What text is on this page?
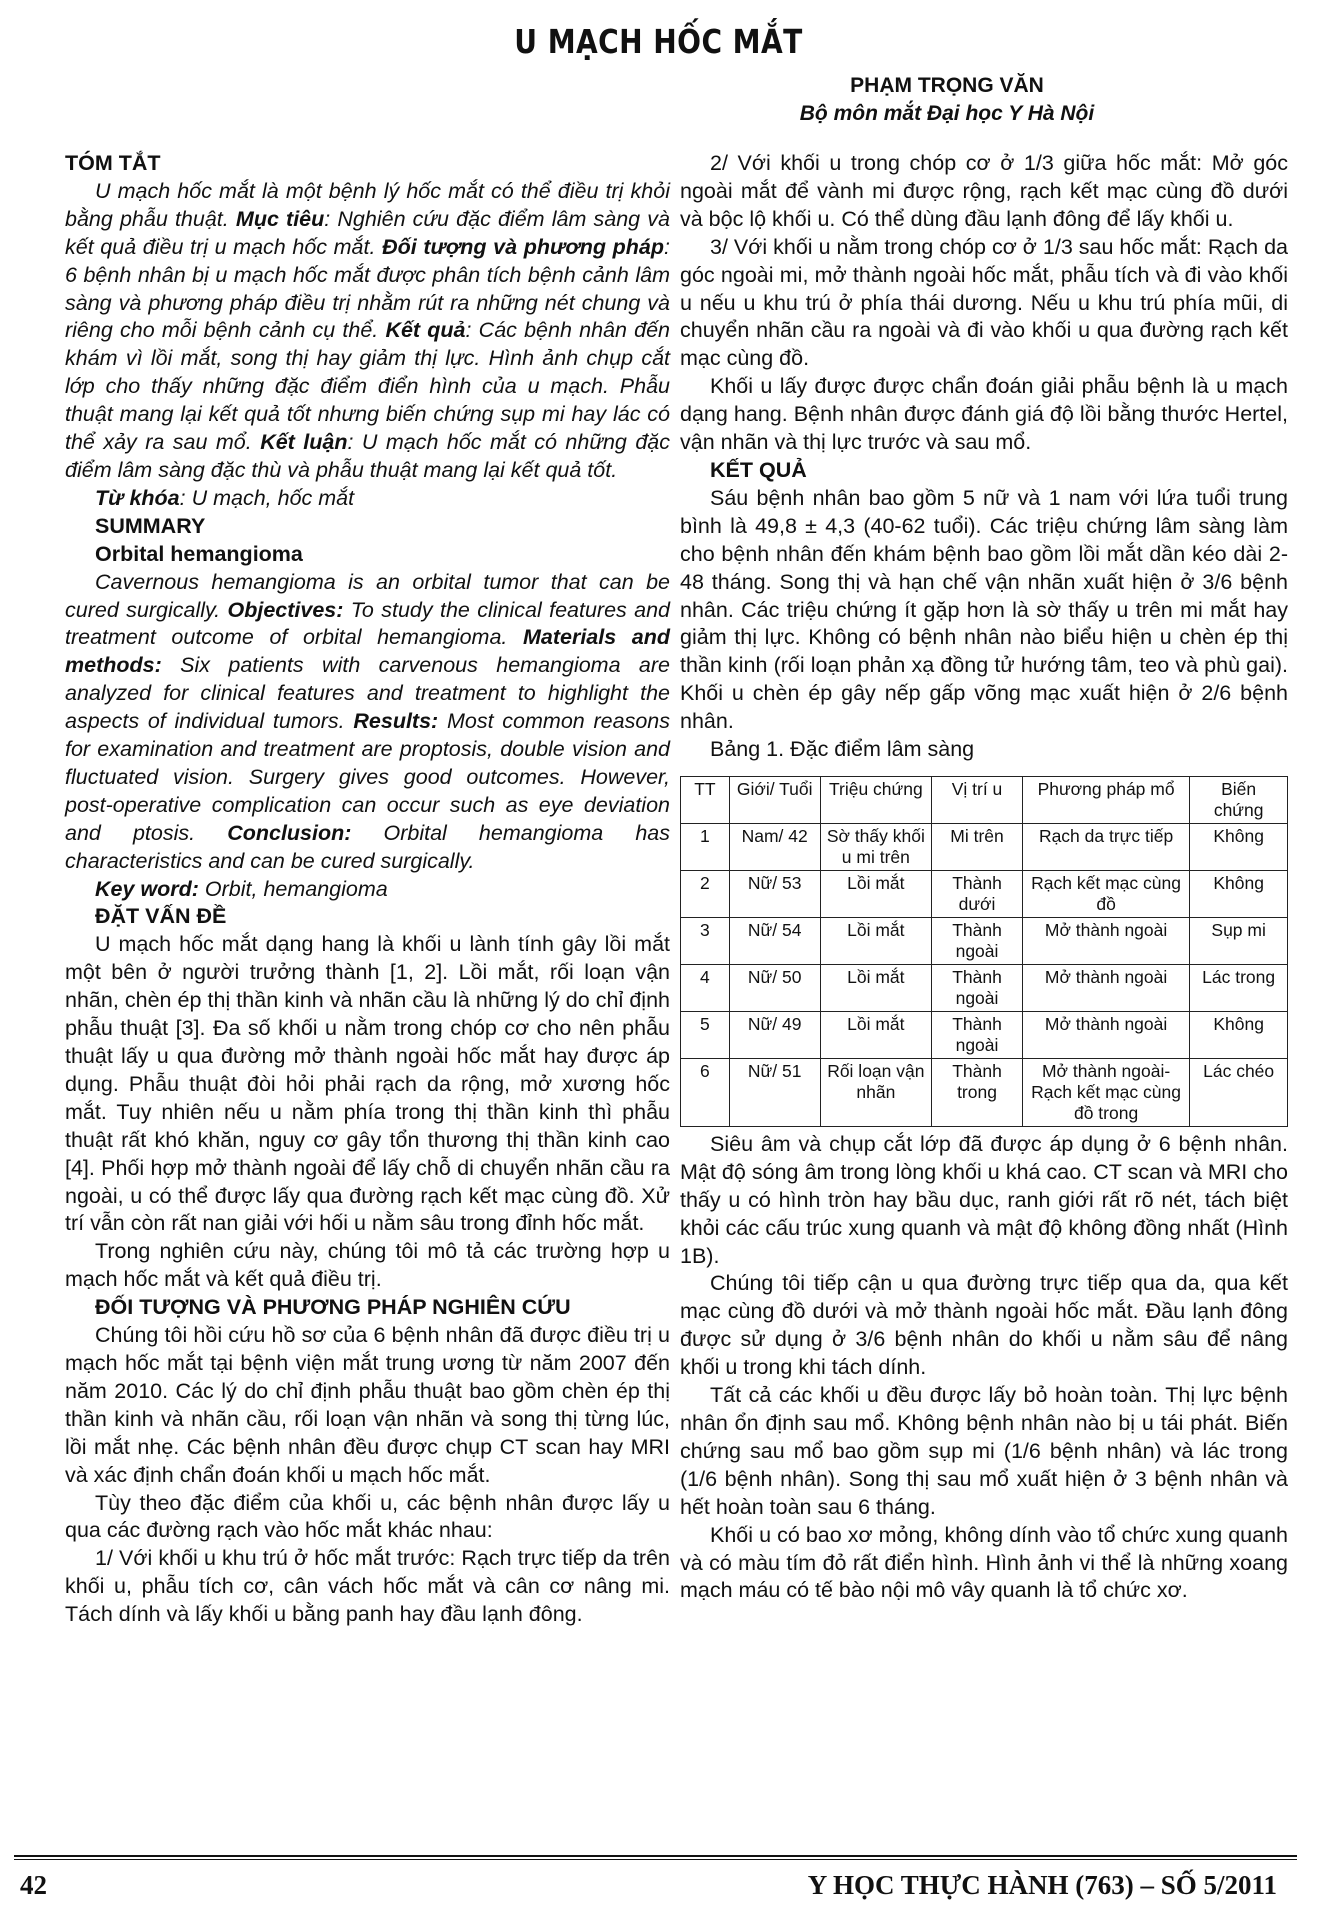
U MẠCH HỐC MẮT
PHẠM TRỌNG VĂN
Bộ môn mắt Đại học Y Hà Nội

TÓM TẮT

U mạch hốc mắt là một bệnh lý hốc mắt có thể điều trị khỏi bằng phẫu thuật. Mục tiêu: Nghiên cứu đặc điểm lâm sàng và kết quả điều trị u mạch hốc mắt. Đối tượng và phương pháp: 6 bệnh nhân bị u mạch hốc mắt được phân tích bệnh cảnh lâm sàng và phương pháp điều trị nhằm rút ra những nét chung và riêng cho mỗi bệnh cảnh cụ thể. Kết quả: Các bệnh nhân đến khám vì lồi mắt, song thị hay giảm thị lực. Hình ảnh chụp cắt lớp cho thấy những đặc điểm điển hình của u mạch. Phẫu thuật mang lại kết quả tốt nhưng biến chứng sụp mi hay lác có thể xảy ra sau mổ. Kết luận: U mạch hốc mắt có những đặc điểm lâm sàng đặc thù và phẫu thuật mang lại kết quả tốt.

Từ khóa: U mạch, hốc mắt

SUMMARY

Orbital hemangioma

Cavernous hemangioma is an orbital tumor that can be cured surgically. Objectives: To study the clinical features and treatment outcome of orbital hemangioma. Materials and methods: Six patients with carvenous hemangioma are analyzed for clinical features and treatment to highlight the aspects of individual tumors. Results: Most common reasons for examination and treatment are proptosis, double vision and fluctuated vision. Surgery gives good outcomes. However, post-operative complication can occur such as eye deviation and ptosis. Conclusion: Orbital hemangioma has characteristics and can be cured surgically.

Key word: Orbit, hemangioma

ĐẶT VẤN ĐỀ

U mạch hốc mắt dạng hang là khối u lành tính gây lồi mắt một bên ở người trưởng thành [1, 2]. Lồi mắt, rối loạn vận nhãn, chèn ép thị thần kinh và nhãn cầu là những lý do chỉ định phẫu thuật [3]. Đa số khối u nằm trong chóp cơ cho nên phẫu thuật lấy u qua đường mở thành ngoài hốc mắt hay được áp dụng. Phẫu thuật đòi hỏi phải rạch da rộng, mở xương hốc mắt. Tuy nhiên nếu u nằm phía trong thị thần kinh thì phẫu thuật rất khó khăn, nguy cơ gây tổn thương thị thần kinh cao [4]. Phối hợp mở thành ngoài để lấy chỗ di chuyển nhãn cầu ra ngoài, u có thể được lấy qua đường rạch kết mạc cùng đồ. Xử trí vẫn còn rất nan giải với hối u nằm sâu trong đỉnh hốc mắt.

Trong nghiên cứu này, chúng tôi mô tả các trường hợp u mạch hốc mắt và kết quả điều trị.

ĐỐI TƯỢNG VÀ PHƯƠNG PHÁP NGHIÊN CỨU

Chúng tôi hồi cứu hồ sơ của 6 bệnh nhân đã được điều trị u mạch hốc mắt tại bệnh viện mắt trung ương từ năm 2007 đến năm 2010. Các lý do chỉ định phẫu thuật bao gồm chèn ép thị thần kinh và nhãn cầu, rối loạn vận nhãn và song thị từng lúc, lồi mắt nhẹ. Các bệnh nhân đều được chụp CT scan hay MRI và xác định chẩn đoán khối u mạch hốc mắt.

Tùy theo đặc điểm của khối u, các bệnh nhân được lấy u qua các đường rạch vào hốc mắt khác nhau:

1/ Với khối u khu trú ở hốc mắt trước: Rạch trực tiếp da trên khối u, phẫu tích cơ, cân vách hốc mắt và cân cơ nâng mi. Tách dính và lấy khối u bằng panh hay đầu lạnh đông.

2/ Với khối u trong chóp cơ ở 1/3 giữa hốc mắt: Mở góc ngoài mắt để vành mi được rộng, rạch kết mạc cùng đồ dưới và bộc lộ khối u. Có thể dùng đầu lạnh đông để lấy khối u.

3/ Với khối u nằm trong chóp cơ ở 1/3 sau hốc mắt: Rạch da góc ngoài mi, mở thành ngoài hốc mắt, phẫu tích và đi vào khối u nếu u khu trú ở phía thái dương. Nếu u khu trú phía mũi, di chuyển nhãn cầu ra ngoài và đi vào khối u qua đường rạch kết mạc cùng đồ.

Khối u lấy được được chẩn đoán giải phẫu bệnh là u mạch dạng hang. Bệnh nhân được đánh giá độ lồi bằng thước Hertel, vận nhãn và thị lực trước và sau mổ.

KẾT QUẢ

Sáu bệnh nhân bao gồm 5 nữ và 1 nam với lứa tuổi trung bình là 49,8 ± 4,3 (40-62 tuổi). Các triệu chứng lâm sàng làm cho bệnh nhân đến khám bệnh bao gồm lồi mắt dần kéo dài 2-48 tháng. Song thị và hạn chế vận nhãn xuất hiện ở 3/6 bệnh nhân. Các triệu chứng ít gặp hơn là sờ thấy u trên mi mắt hay giảm thị lực. Không có bệnh nhân nào biểu hiện u chèn ép thị thần kinh (rối loạn phản xạ đồng tử hướng tâm, teo và phù gai). Khối u chèn ép gây nếp gấp võng mạc xuất hiện ở 2/6 bệnh nhân.

Bảng 1. Đặc điểm lâm sàng

TT	Giới/ Tuổi	Triệu chứng	Vị trí u	Phương pháp mổ	Biến chứng
1	Nam/ 42	Sờ thấy khối u mi trên	Mi trên	Rạch da trực tiếp	Không
2	Nữ/ 53	Lồi mắt	Thành dưới	Rạch kết mạc cùng đồ	Không
3	Nữ/ 54	Lồi mắt	Thành ngoài	Mở thành ngoài	Sụp mi
4	Nữ/ 50	Lồi mắt	Thành ngoài	Mở thành ngoài	Lác trong
5	Nữ/ 49	Lồi mắt	Thành ngoài	Mở thành ngoài	Không
6	Nữ/ 51	Rối loạn vận nhãn	Thành trong	Mở thành ngoài-Rạch kết mạc cùng đồ trong	Lác chéo

Siêu âm và chụp cắt lớp đã được áp dụng ở 6 bệnh nhân. Mật độ sóng âm trong lòng khối u khá cao. CT scan và MRI cho thấy u có hình tròn hay bầu dục, ranh giới rất rõ nét, tách biệt khỏi các cấu trúc xung quanh và mật độ không đồng nhất (Hình 1B).

Chúng tôi tiếp cận u qua đường trực tiếp qua da, qua kết mạc cùng đồ dưới và mở thành ngoài hốc mắt. Đầu lạnh đông được sử dụng ở 3/6 bệnh nhân do khối u nằm sâu để nâng khối u trong khi tách dính.

Tất cả các khối u đều được lấy bỏ hoàn toàn. Thị lực bệnh nhân ổn định sau mổ. Không bệnh nhân nào bị u tái phát. Biến chứng sau mổ bao gồm sụp mi (1/6 bệnh nhân) và lác trong (1/6 bệnh nhân). Song thị sau mổ xuất hiện ở 3 bệnh nhân và hết hoàn toàn sau 6 tháng.

Khối u có bao xơ mỏng, không dính vào tổ chức xung quanh và có màu tím đỏ rất điển hình. Hình ảnh vi thể là những xoang mạch máu có tế bào nội mô vây quanh là tổ chức xơ.

42	Y HỌC THỰC HÀNH (763) – SỐ 5/2011
